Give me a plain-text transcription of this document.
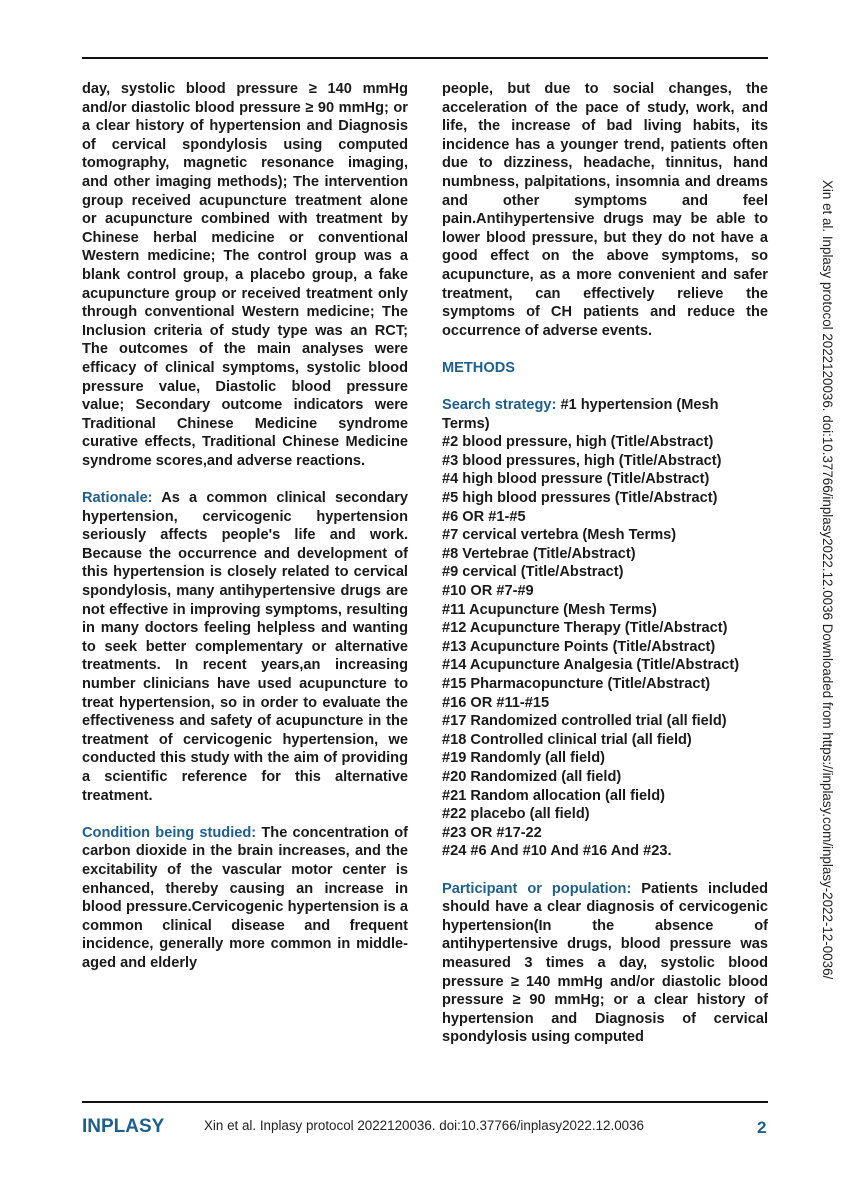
day, systolic blood pressure ≥ 140 mmHg and/or diastolic blood pressure ≥ 90 mmHg; or a clear history of hypertension and Diagnosis of cervical spondylosis using computed tomography, magnetic resonance imaging, and other imaging methods); The intervention group received acupuncture treatment alone or acupuncture combined with treatment by Chinese herbal medicine or conventional Western medicine; The control group was a blank control group, a placebo group, a fake acupuncture group or received treatment only through conventional Western medicine; The Inclusion criteria of study type was an RCT; The outcomes of the main analyses were efficacy of clinical symptoms, systolic blood pressure value, Diastolic blood pressure value; Secondary outcome indicators were Traditional Chinese Medicine syndrome curative effects, Traditional Chinese Medicine syndrome scores,and adverse reactions.

Rationale: As a common clinical secondary hypertension, cervicogenic hypertension seriously affects people's life and work. Because the occurrence and development of this hypertension is closely related to cervical spondylosis, many antihypertensive drugs are not effective in improving symptoms, resulting in many doctors feeling helpless and wanting to seek better complementary or alternative treatments. In recent years,an increasing number clinicians have used acupuncture to treat hypertension, so in order to evaluate the effectiveness and safety of acupuncture in the treatment of cervicogenic hypertension, we conducted this study with the aim of providing a scientific reference for this alternative treatment.

Condition being studied: The concentration of carbon dioxide in the brain increases, and the excitability of the vascular motor center is enhanced, thereby causing an increase in blood pressure.Cervicogenic hypertension is a common clinical disease and frequent incidence, generally more common in middle-aged and elderly

people, but due to social changes, the acceleration of the pace of study, work, and life, the increase of bad living habits, its incidence has a younger trend, patients often due to dizziness, headache, tinnitus, hand numbness, palpitations, insomnia and dreams and other symptoms and feel pain.Antihypertensive drugs may be able to lower blood pressure, but they do not have a good effect on the above symptoms, so acupuncture, as a more convenient and safer treatment, can effectively relieve the symptoms of CH patients and reduce the occurrence of adverse events.

METHODS

Search strategy: #1 hypertension (Mesh Terms)
#2 blood pressure, high (Title/Abstract)
#3 blood pressures, high (Title/Abstract)
#4 high blood pressure (Title/Abstract)
#5 high blood pressures (Title/Abstract)
#6 OR #1-#5
#7 cervical vertebra (Mesh Terms)
#8 Vertebrae (Title/Abstract)
#9 cervical (Title/Abstract)
#10 OR #7-#9
#11 Acupuncture (Mesh Terms)
#12 Acupuncture Therapy (Title/Abstract)
#13 Acupuncture Points (Title/Abstract)
#14 Acupuncture Analgesia (Title/Abstract)
#15 Pharmacopuncture (Title/Abstract)
#16 OR #11-#15
#17 Randomized controlled trial (all field)
#18 Controlled clinical trial (all field)
#19 Randomly (all field)
#20 Randomized (all field)
#21 Random allocation (all field)
#22 placebo (all field)
#23 OR #17-22
#24 #6 And #10 And #16 And #23.

Participant or population: Patients included should have a clear diagnosis of cervicogenic hypertension(In the absence of antihypertensive drugs, blood pressure was measured 3 times a day, systolic blood pressure ≥ 140 mmHg and/or diastolic blood pressure ≥ 90 mmHg; or a clear history of hypertension and Diagnosis of cervical spondylosis using computed

Xin et al. Inplasy protocol 2022120036. doi:10.37766/inplasy2022.12.0036 Downloaded from https://inplasy.com/inplasy-2022-12-0036/
INPLASY	Xin et al. Inplasy protocol 2022120036. doi:10.37766/inplasy2022.12.0036	2
